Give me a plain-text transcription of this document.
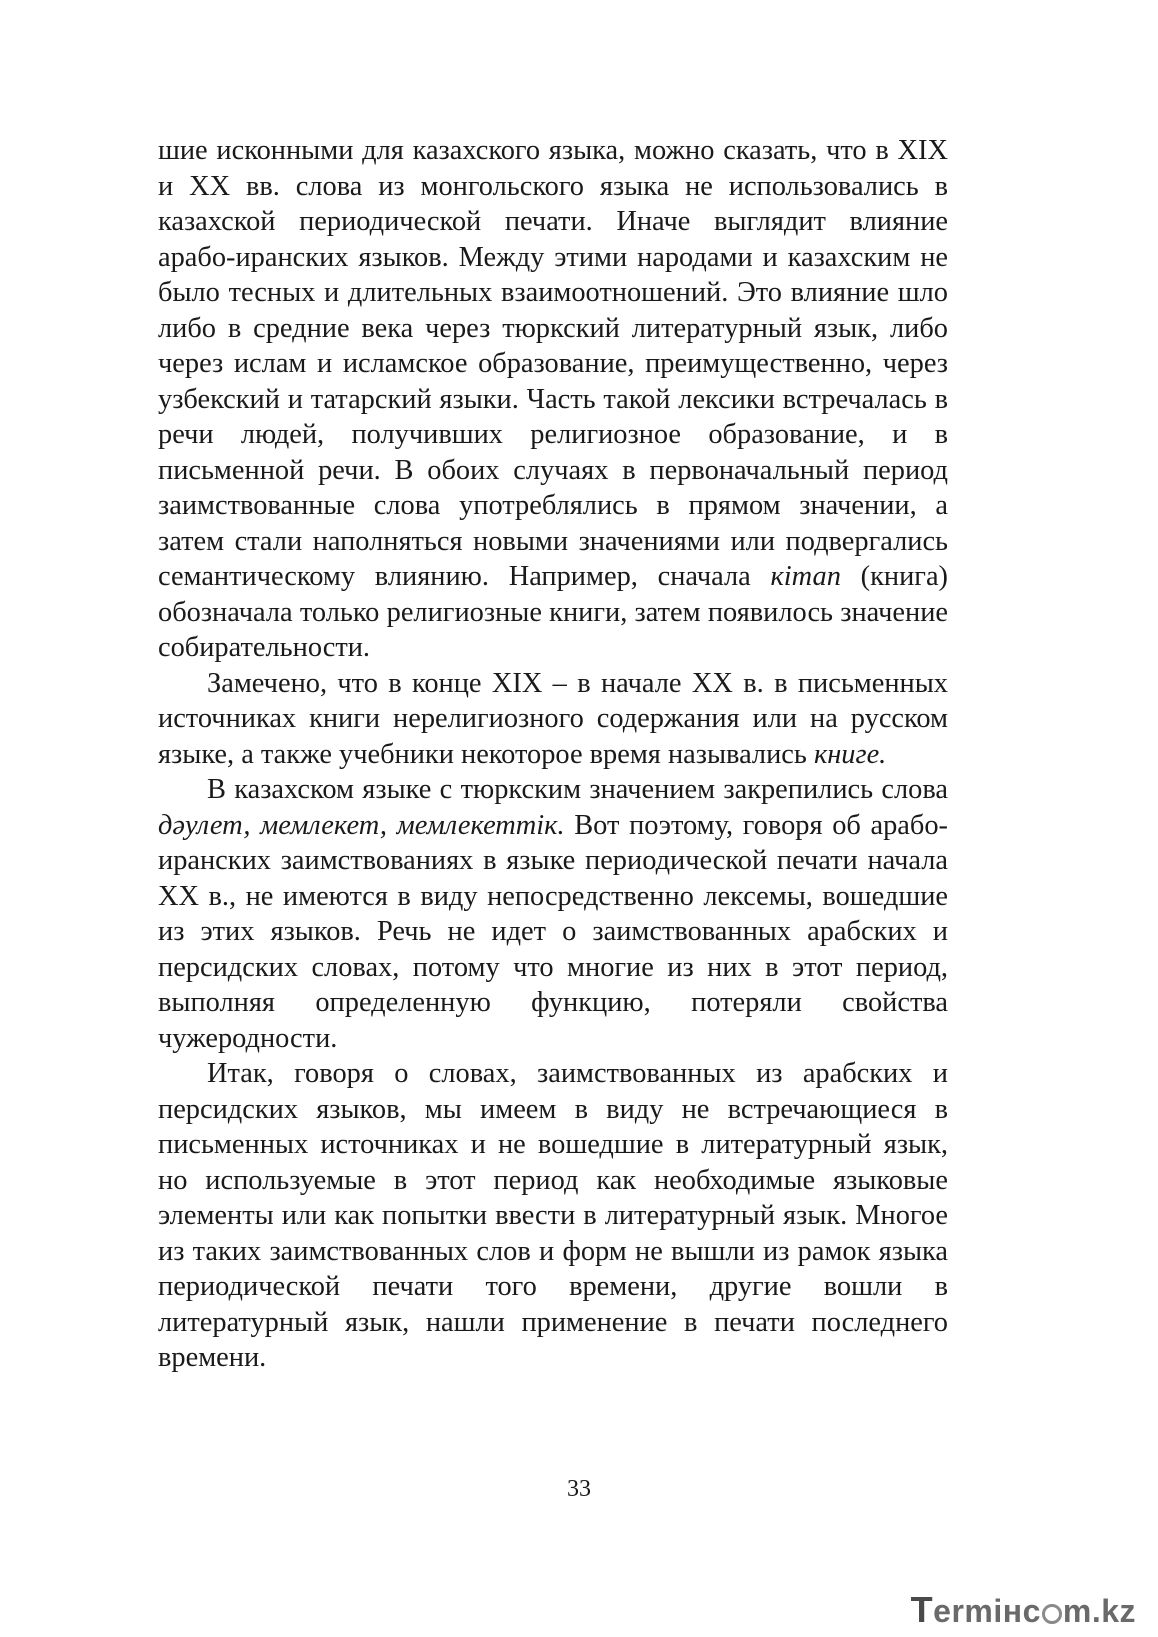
шие исконными для казахского языка, можно сказать, что в XIX и XX вв. слова из монгольского языка не использовались в казахской периодической печати. Иначе выглядит влияние арабо-иранских языков. Между этими народами и казахским не было тесных и длительных взаимоотношений. Это влияние шло либо в средние века через тюркский литературный язык, либо через ислам и исламское образование, преимущественно, через узбекский и татарский языки. Часть такой лексики встречалась в речи людей, получивших религиозное образование, и в письменной речи. В обоих случаях в первоначальный период заимствованные слова употреблялись в прямом значении, а затем стали наполняться новыми значениями или подвергались семантическому влиянию. Например, сначала кітап (книга) обозначала только религиозные книги, затем появилось значение собирательности.

Замечено, что в конце XIX – в начале XX в. в письменных источниках книги нерелигиозного содержания или на русском языке, а также учебники некоторое время назывались книге.

В казахском языке с тюркским значением закрепились слова дәулет, мемлекет, мемлекеттік. Вот поэтому, говоря об арабо-иранских заимствованиях в языке периодической печати начала XX в., не имеются в виду непосредственно лексемы, вошедшие из этих языков. Речь не идет о заимствованных арабских и персидских словах, потому что многие из них в этот период, выполняя определенную функцию, потеряли свойства чужеродности.

Итак, говоря о словах, заимствованных из арабских и персидских языков, мы имеем в виду не встречающиеся в письменных источниках и не вошедшие в литературный язык, но используемые в этот период как необходимые языковые элементы или как попытки ввести в литературный язык. Многое из таких заимствованных слов и форм не вышли из рамок языка периодической печати того времени, другие вошли в литературный язык, нашли применение в печати последнего времени.

33
T ermінc m.kz
